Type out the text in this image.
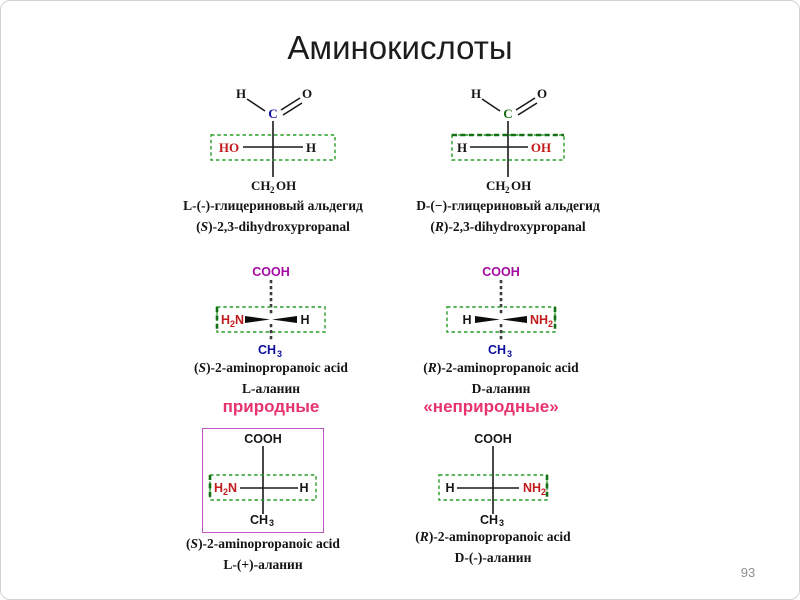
Аминокислоты
H
C
O
HO	H
CH 2 OH
L-(-)-глицериновый альдегид
(S)-2,3-dihydroxypropanal
H
C
O
H	OH
CH 2 OH
D-(−)-глицериновый альдегид
(R)-2,3-dihydroxypropanal
COOH
H 2 N	H
CH 3
(S)-2-aminopropanoic acid
L-аланин
COOH
H	NH 2
CH 3
(R)-2-aminopropanoic acid
D-аланин
природные	«неприродные»
COOH
H 2 N	H
CH 3
(S)-2-aminopropanoic acid
L-(+)-аланин
COOH
H	NH 2
CH 3
(R)-2-aminopropanoic acid
D-(-)-аланин
93
